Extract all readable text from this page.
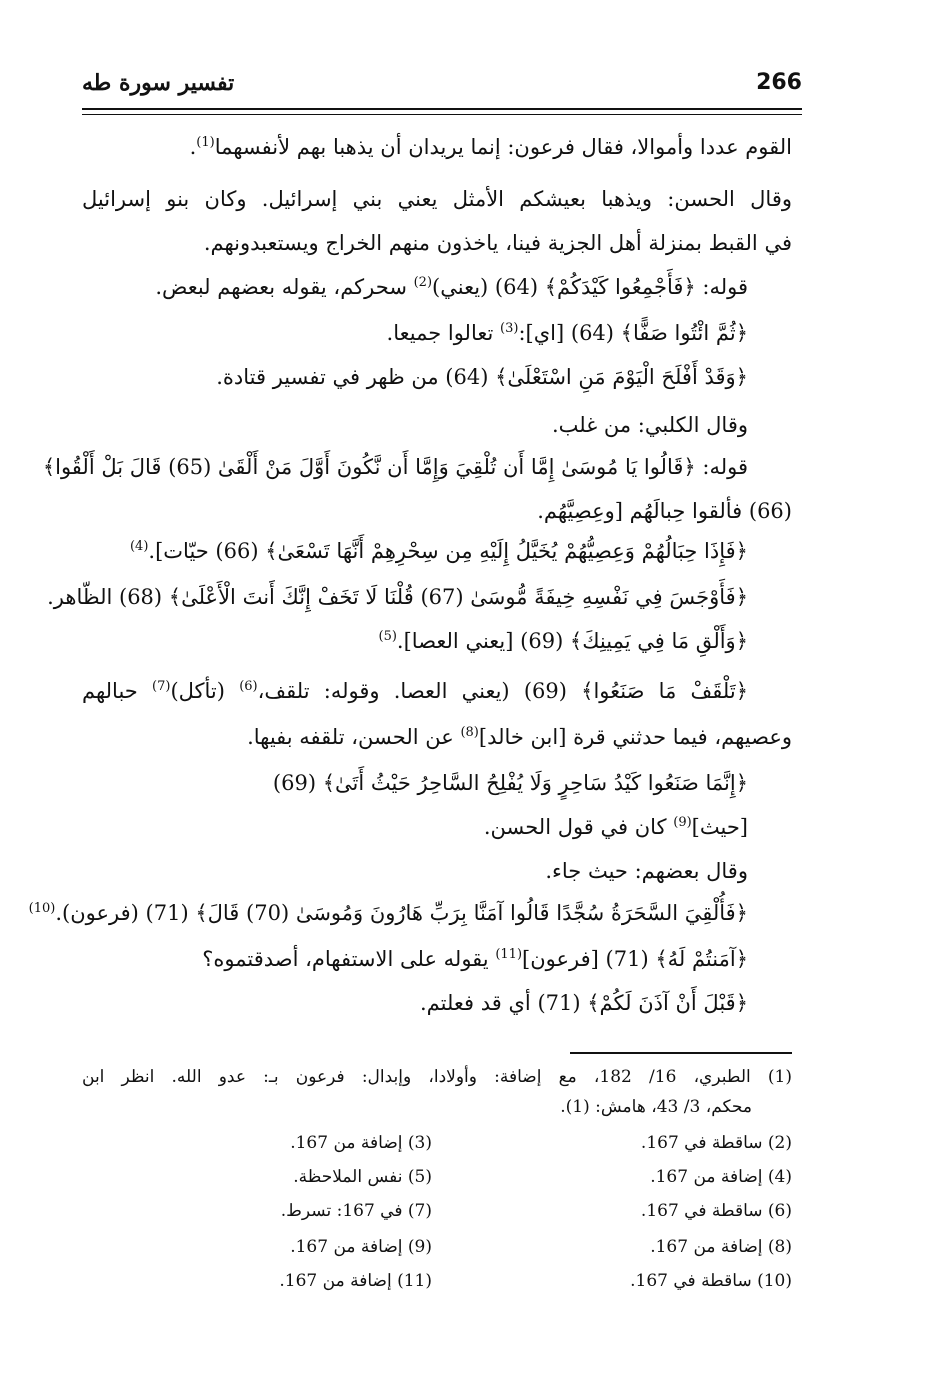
266
تفسير سورة طه
القوم عددا وأموالا، فقال فرعون: إنما يريدان أن يذهبا بهم لأنفسهما$^{(1)}$.
وقال الحسن: ويذهبا بعيشكم الأمثل يعني بني إسرائيل. وكان بنو إسرائيل
في القبط بمنزلة أهل الجزية فينا، ياخذون منهم الخراج ويستعبدونهم.
قوله: ﴿فَأَجْمِعُوا كَيْدَكُمْ﴾ (64) (يعني)$^{(2)}$ سحركم، يقوله بعضهم لبعض.
﴿ثُمَّ ائْتُوا صَفًّا﴾ (64) [اي]:$^{(3)}$ تعالوا جميعا.
﴿وَقَدْ أَفْلَحَ الْيَوْمَ مَنِ اسْتَعْلَىٰ﴾ (64) من ظهر في تفسير قتادة.
وقال الكلبي: من غلب.
قوله: ﴿قَالُوا يَا مُوسَىٰ إِمَّا أَن تُلْقِيَ وَإِمَّا أَن نَّكُونَ أَوَّلَ مَنْ أَلْقَىٰ (65) قَالَ بَلْ أَلْقُوا﴾
(66) فألقوا حِبالَهُم [وعِصِيَّهُم.
﴿فَإِذَا حِبَالُهُمْ وَعِصِيُّهُمْ يُخَيَّلُ إِلَيْهِ مِن سِحْرِهِمْ أَنَّهَا تَسْعَىٰ﴾ (66) حيّات].$^{(4)}$
﴿فَأَوْجَسَ فِي نَفْسِهِ خِيفَةً مُّوسَىٰ (67) قُلْنَا لَا تَخَفْ إِنَّكَ أَنتَ الْأَعْلَىٰ﴾ (68) الظّاهر.
﴿وَأَلْقِ مَا فِي يَمِينِكَ﴾ (69) [يعني العصا].$^{(5)}$
﴿تَلْقَفْ مَا صَنَعُوا﴾ (69) (يعني العصا. وقوله: تلقف،$^{(6)}$ (تأكل)$^{(7)}$ حبالهم
وعصيهم، فيما حدثني قرة [ابن خالد]$^{(8)}$ عن الحسن، تلقفه بفيها.
﴿إِنَّمَا صَنَعُوا كَيْدُ سَاحِرٍ وَلَا يُفْلِحُ السَّاحِرُ حَيْثُ أَتَىٰ﴾ (69)
[حيث]$^{(9)}$ كان في قول الحسن.
وقال بعضهم: حيث جاء.
﴿فَأُلْقِيَ السَّحَرَةُ سُجَّدًا قَالُوا آمَنَّا بِرَبِّ هَارُونَ وَمُوسَىٰ (70) قَالَ﴾ (71) (فرعون).$^{(10)}$
﴿آمَنتُمْ لَهُ﴾ (71) [فرعون]$^{(11)}$ يقوله على الاستفهام، أصدقتموه؟
﴿قَبْلَ أَنْ آذَنَ لَكُمْ﴾ (71) أي قد فعلتم.
(1) الطبري، 16/ 182، مع إضافة: وأولادا، وإبدال: فرعون بـ: عدو الله. انظر ابن
محكم، 3/ 43، هامش: (1).
(2) ساقطة في 167.
(4) إضافة من 167.
(6) ساقطة في 167.
(8) إضافة من 167.
(10) ساقطة في 167.
(3) إضافة من 167.
(5) نفس الملاحظة.
(7) في 167: تسرط.
(9) إضافة من 167.
(11) إضافة من 167.
